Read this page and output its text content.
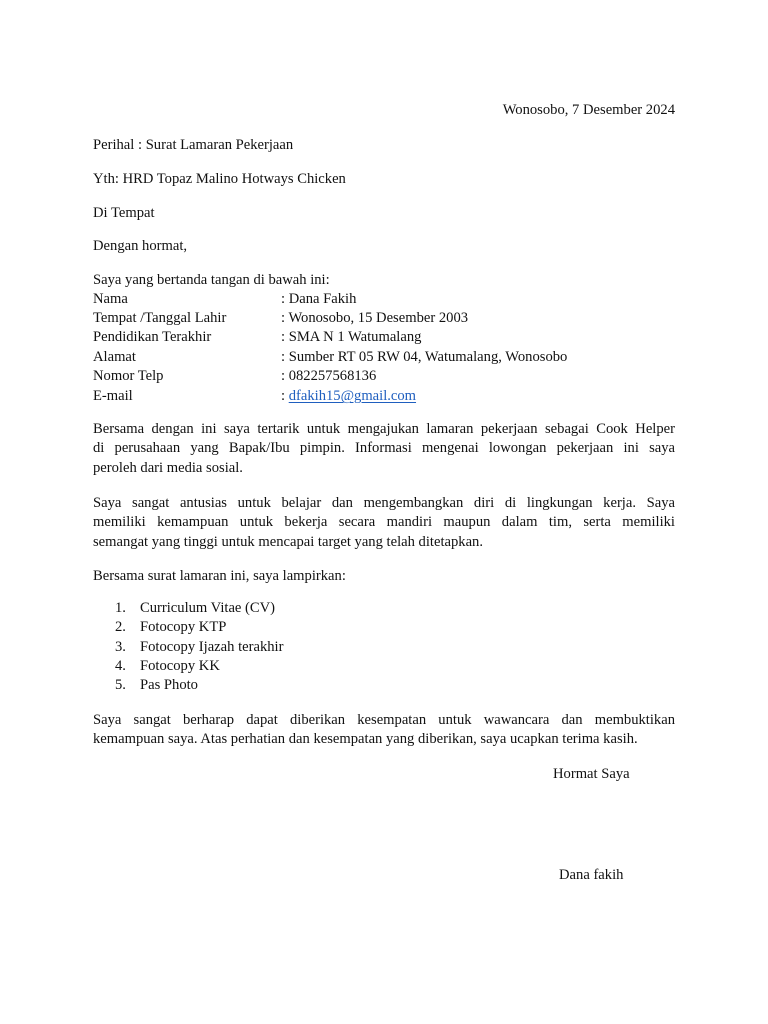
Wonosobo, 7 Desember 2024
Perihal : Surat Lamaran Pekerjaan
Yth: HRD Topaz Malino Hotways Chicken
Di Tempat
Dengan hormat,
Saya yang bertanda tangan di bawah ini:
Nama	: Dana Fakih
Tempat /Tanggal Lahir	: Wonosobo, 15 Desember 2003
Pendidikan Terakhir	: SMA N 1 Watumalang
Alamat	: Sumber RT 05 RW 04, Watumalang, Wonosobo
Nomor Telp	: 082257568136
E-mail	: dfakih15@gmail.com
Bersama dengan ini saya tertarik untuk mengajukan lamaran pekerjaan sebagai Cook Helper
di perusahaan yang Bapak/Ibu pimpin. Informasi mengenai lowongan pekerjaan ini saya
peroleh dari media sosial.
Saya sangat antusias untuk belajar dan mengembangkan diri di lingkungan kerja. Saya
memiliki kemampuan untuk bekerja secara mandiri maupun dalam tim, serta memiliki
semangat yang tinggi untuk mencapai target yang telah ditetapkan.
Bersama surat lamaran ini, saya lampirkan:
1. Curriculum Vitae (CV)
2. Fotocopy KTP
3. Fotocopy Ijazah terakhir
4. Fotocopy KK
5. Pas Photo
Saya sangat berharap dapat diberikan kesempatan untuk wawancara dan membuktikan
kemampuan saya. Atas perhatian dan kesempatan yang diberikan, saya ucapkan terima kasih.
Hormat Saya
Dana fakih
